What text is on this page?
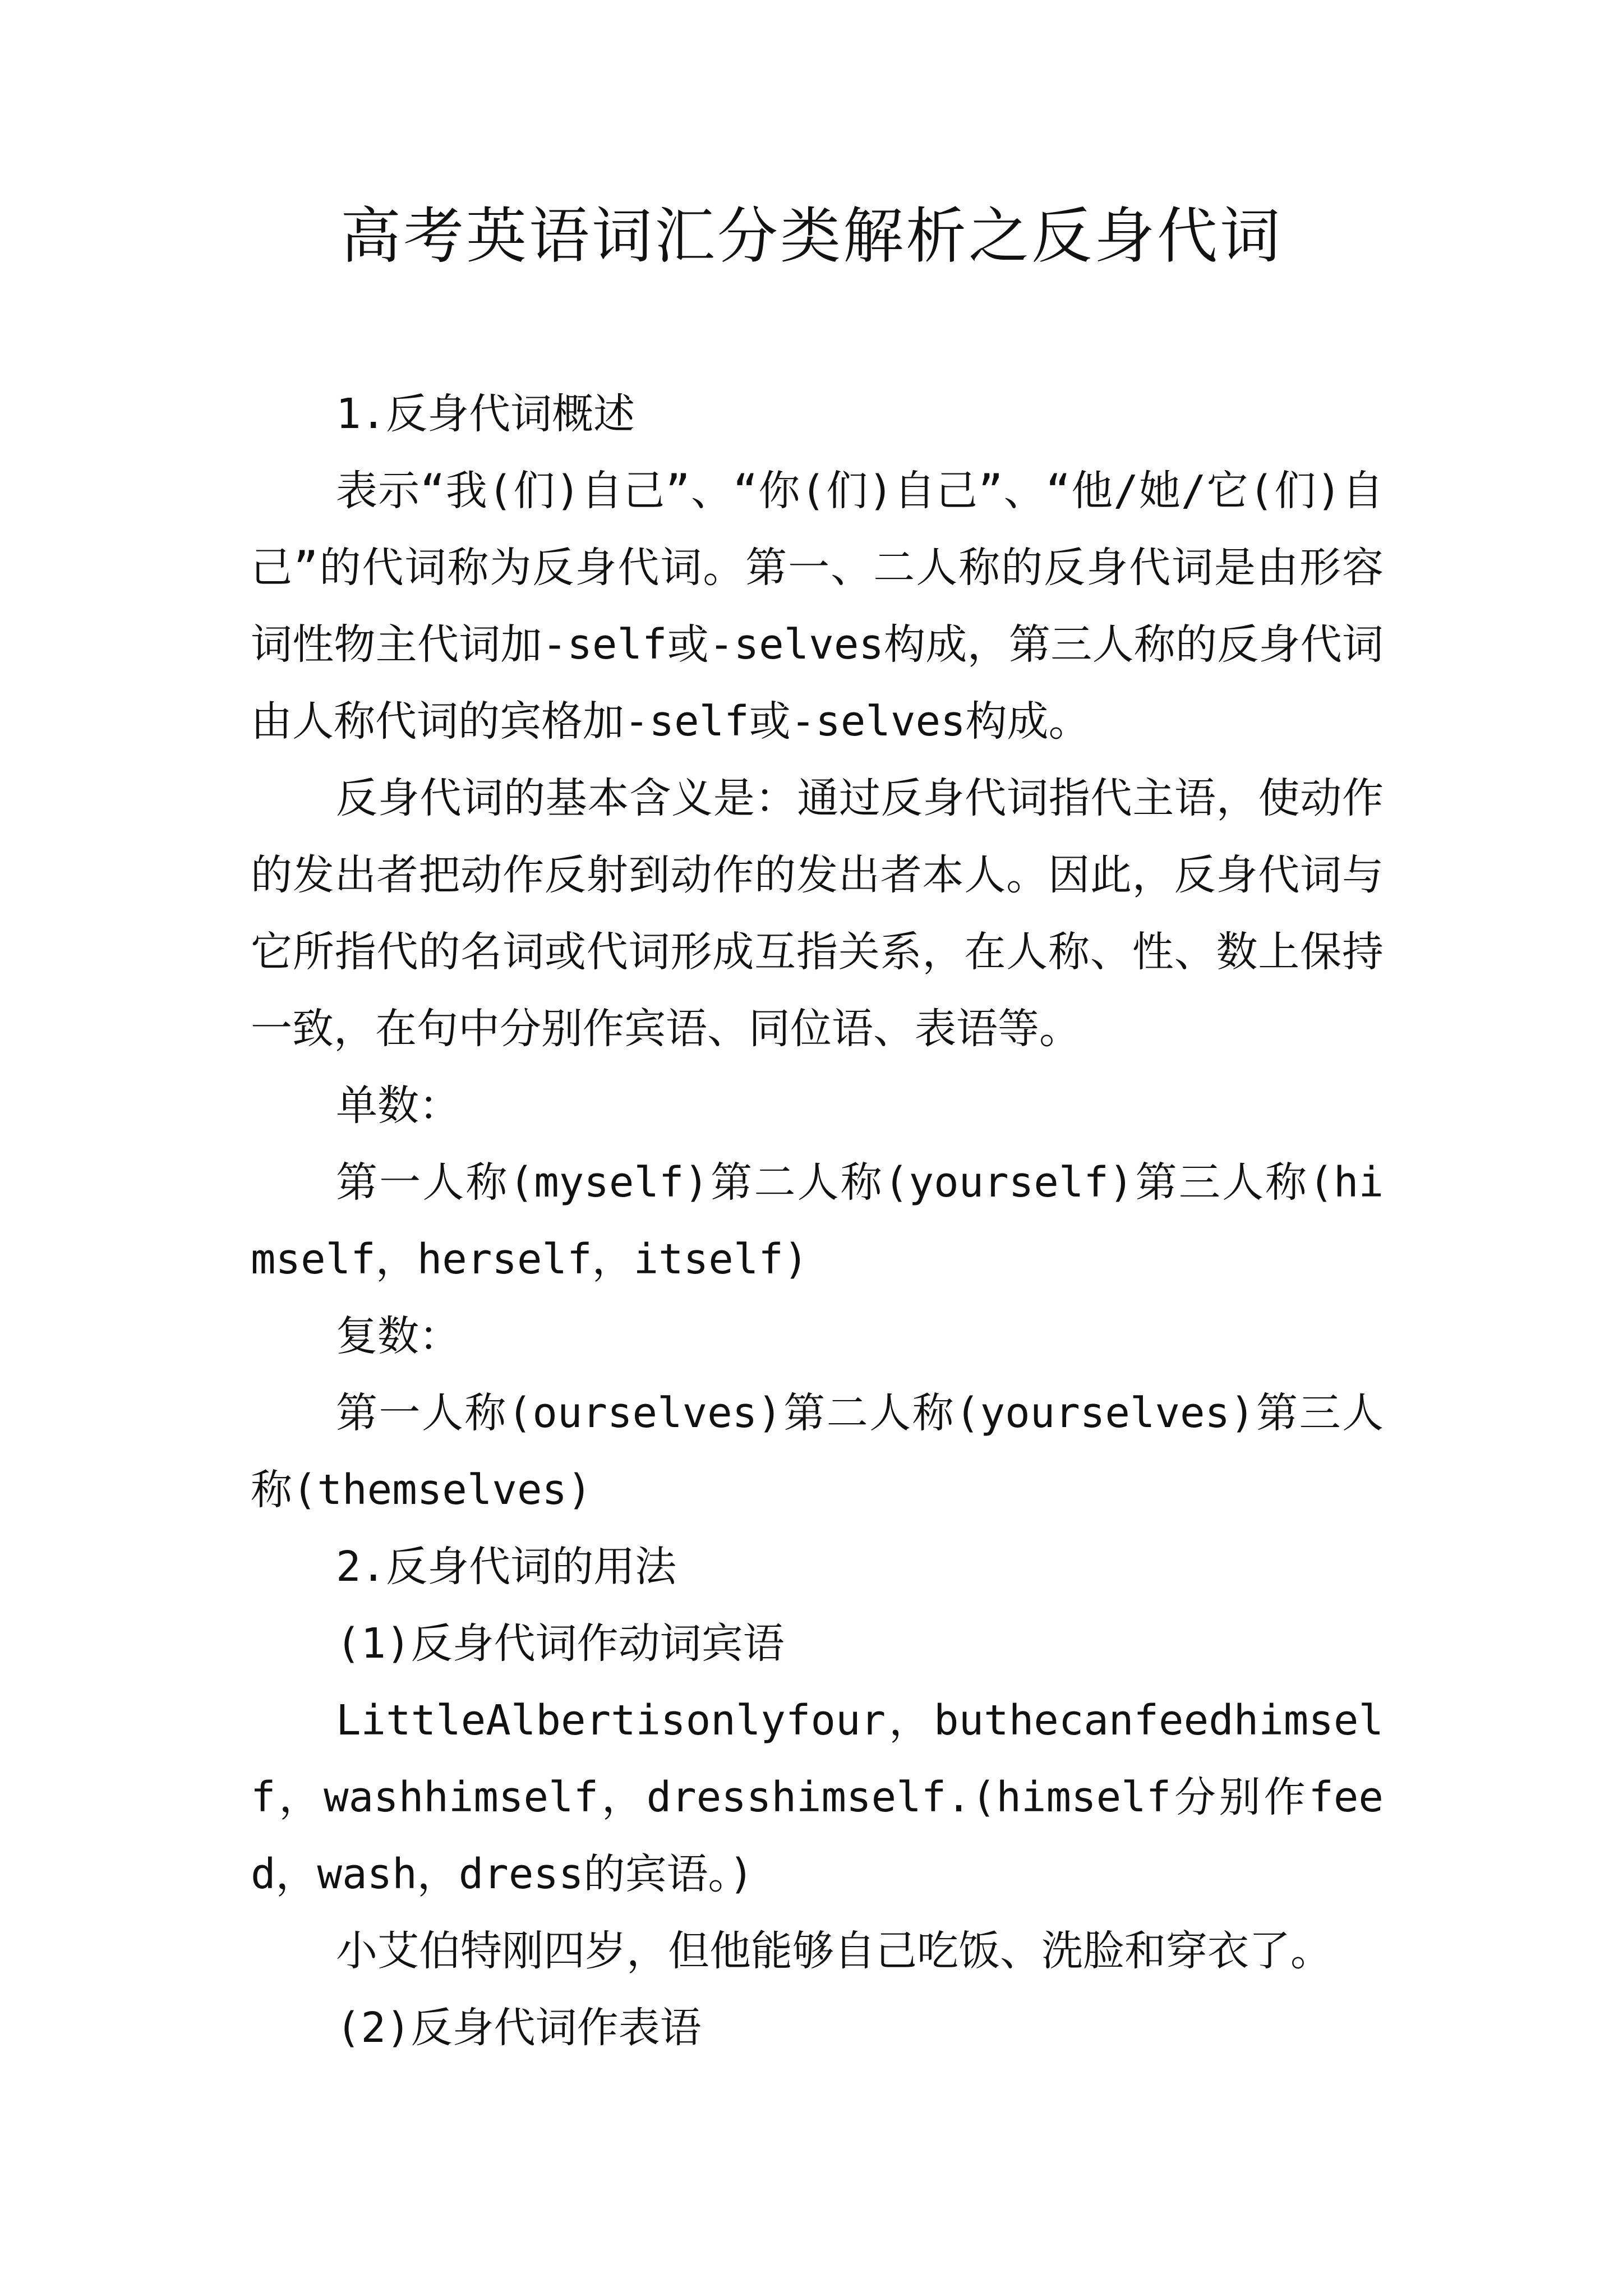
高考英语词汇分类解析之反身代词

1.反身代词概述

表示“我(们)自己”、“你(们)自己”、“他/她/它(们)自己”的代词称为反身代词。第一、二人称的反身代词是由形容词性物主代词加-self或-selves构成，第三人称的反身代词由人称代词的宾格加-self或-selves构成。

反身代词的基本含义是：通过反身代词指代主语，使动作的发出者把动作反射到动作的发出者本人。因此，反身代词与它所指代的名词或代词形成互指关系，在人称、性、数上保持一致，在句中分别作宾语、同位语、表语等。

单数：

第一人称(myself)第二人称(yourself)第三人称(himself，herself，itself)

复数：

第一人称(ourselves)第二人称(yourselves)第三人称(themselves)

2.反身代词的用法

(1)反身代词作动词宾语

LittleAlbertisonlyfour，buthecanfeedhimself，washhimself，dresshimself.(himself分别作feed，wash，dress的宾语。)

小艾伯特刚四岁，但他能够自己吃饭、洗脸和穿衣了。

(2)反身代词作表语
